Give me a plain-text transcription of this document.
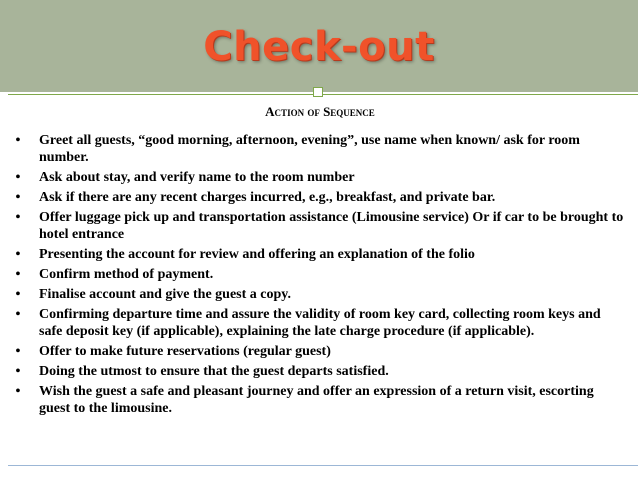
Check-out
Action of Sequence
• Greet all guests, “good morning, afternoon, evening”, use name when known/ ask for room number.
• Ask about stay, and verify name to the room number
• Ask if there are any recent charges incurred, e.g., breakfast, and private bar.
• Offer luggage pick up and transportation assistance (Limousine service) Or if car to be brought to hotel entrance
• Presenting the account for review and offering an explanation of the folio
• Confirm method of payment.
• Finalise account and give the guest a copy.
• Confirming departure time and assure the validity of room key card, collecting room keys and safe deposit key (if applicable), explaining the late charge procedure (if applicable).
• Offer to make future reservations (regular guest)
• Doing the utmost to ensure that the guest departs satisfied.
• Wish the guest a safe and pleasant journey and offer an expression of a return visit, escorting guest to the limousine.
